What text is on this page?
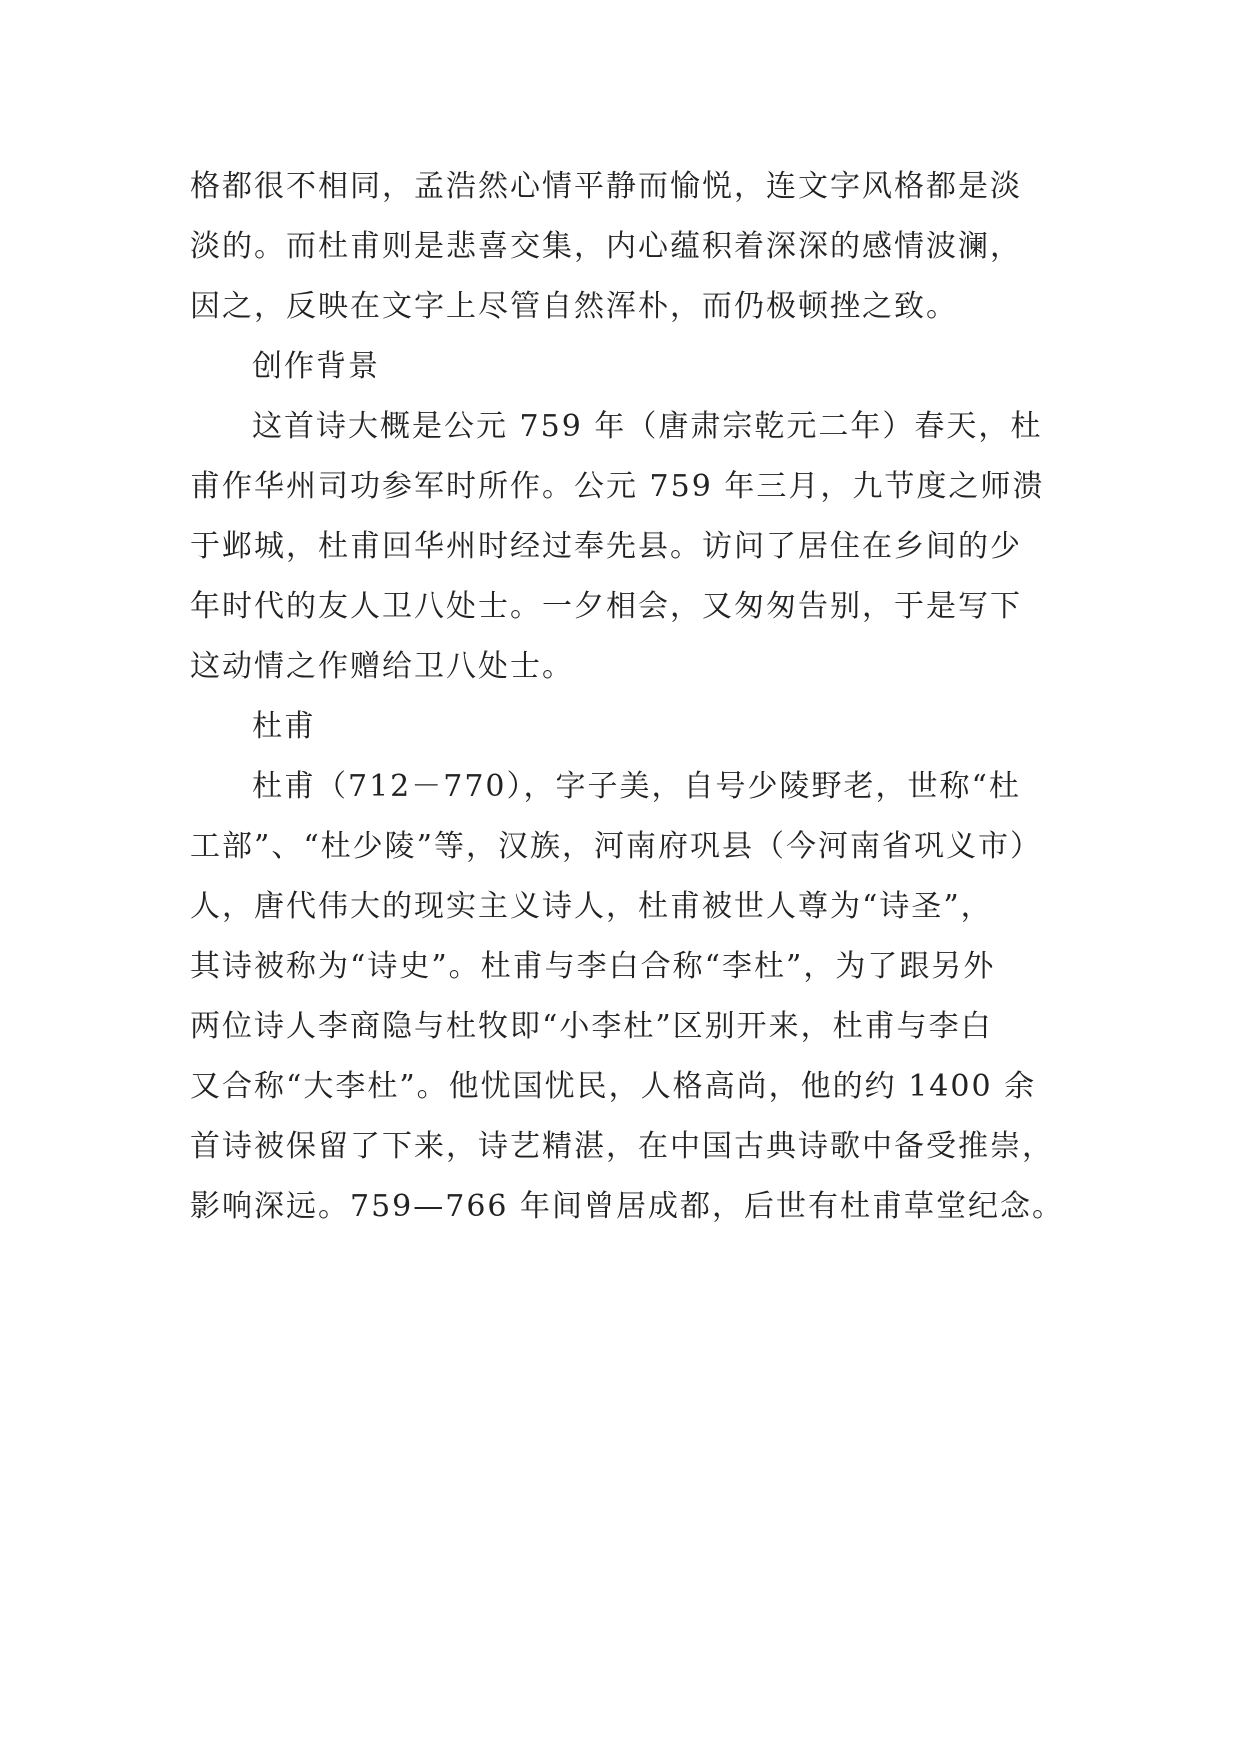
格都很不相同，孟浩然心情平静而愉悦，连文字风格都是淡
淡的。而杜甫则是悲喜交集，内心蕴积着深深的感情波澜，
因之，反映在文字上尽管自然浑朴，而仍极顿挫之致。
创作背景
这首诗大概是公元 759 年（唐肃宗乾元二年）春天，杜
甫作华州司功参军时所作。公元 759 年三月，九节度之师溃
于邺城，杜甫回华州时经过奉先县。访问了居住在乡间的少
年时代的友人卫八处士。一夕相会，又匆匆告别，于是写下
这动情之作赠给卫八处士。
杜甫
杜甫（712－770），字子美，自号少陵野老，世称“杜
工部”、“杜少陵”等，汉族，河南府巩县（今河南省巩义市）
人，唐代伟大的现实主义诗人，杜甫被世人尊为“诗圣”，
其诗被称为“诗史”。杜甫与李白合称“李杜”，为了跟另外
两位诗人李商隐与杜牧即“小李杜”区别开来，杜甫与李白
又合称“大李杜”。他忧国忧民，人格高尚，他的约 1400 余
首诗被保留了下来，诗艺精湛，在中国古典诗歌中备受推崇，
影响深远。759—766 年间曾居成都，后世有杜甫草堂纪念。
